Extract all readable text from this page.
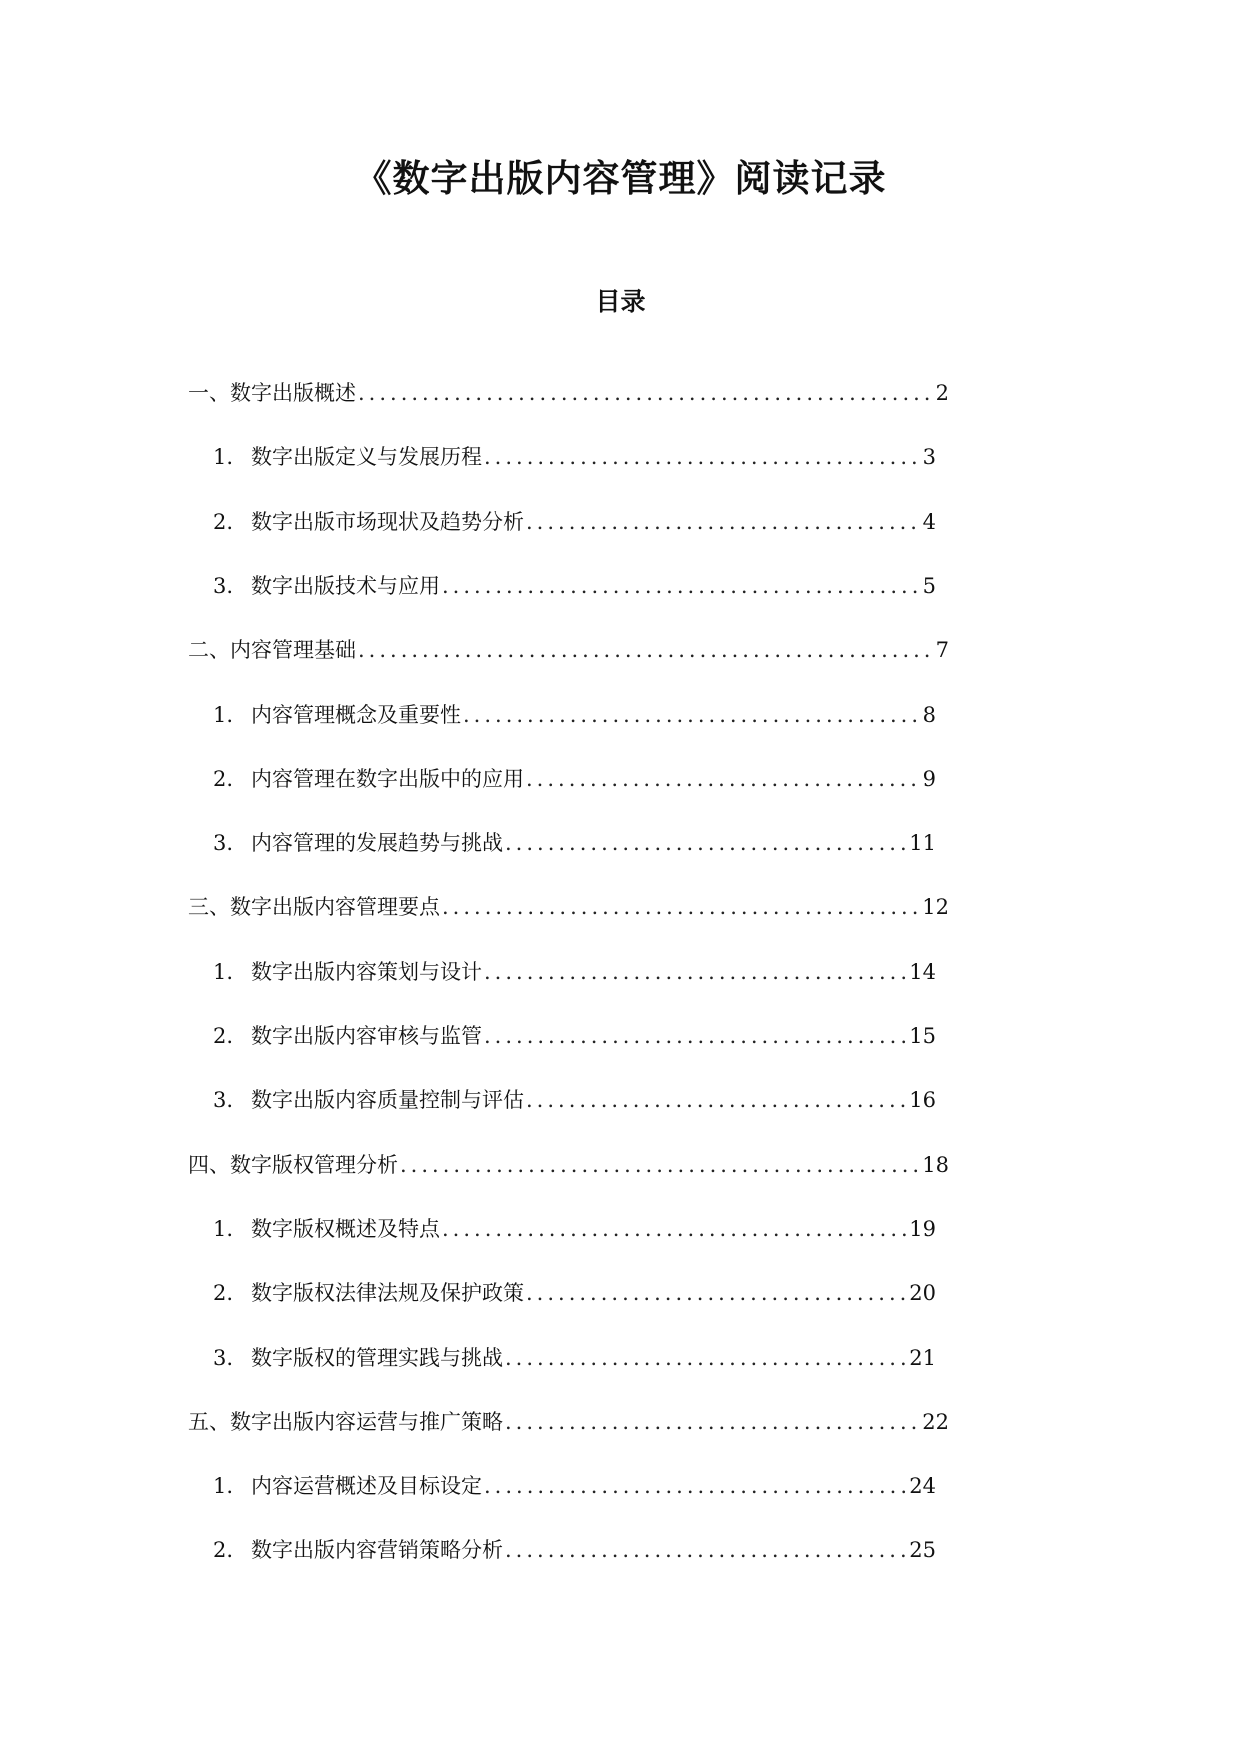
《数字出版内容管理》阅读记录
目录
一、数字出版概述 .....	2
1. 数字出版定义与发展历程 .....	3
2. 数字出版市场现状及趋势分析 .....	4
3. 数字出版技术与应用 .....	5
二、内容管理基础 .....	7
1. 内容管理概念及重要性 .....	8
2. 内容管理在数字出版中的应用 .....	9
3. 内容管理的发展趋势与挑战 .....	11
三、数字出版内容管理要点 .....	12
1. 数字出版内容策划与设计 .....	14
2. 数字出版内容审核与监管 .....	15
3. 数字出版内容质量控制与评估 .....	16
四、数字版权管理分析 .....	18
1. 数字版权概述及特点 .....	19
2. 数字版权法律法规及保护政策 .....	20
3. 数字版权的管理实践与挑战 .....	21
五、数字出版内容运营与推广策略 .....	22
1. 内容运营概述及目标设定 .....	24
2. 数字出版内容营销策略分析 .....	25
